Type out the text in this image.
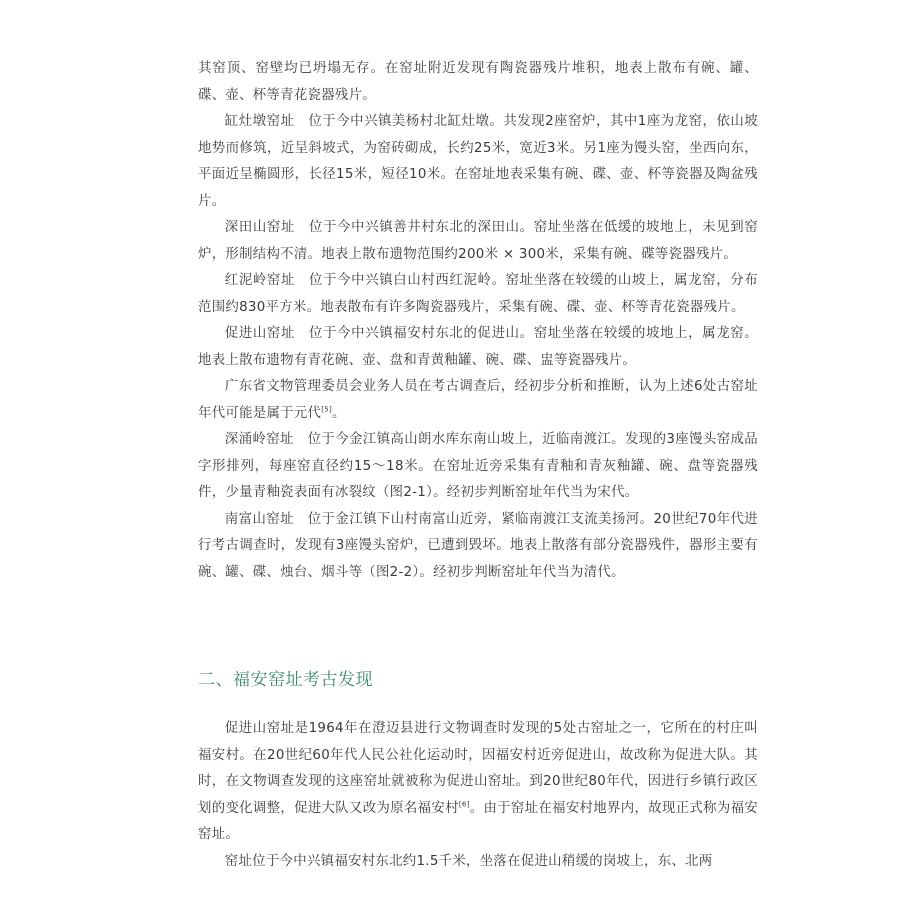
其窑顶、窑壁均已坍塌无存。在窑址附近发现有陶瓷器残片堆积，地表上散布有碗、罐、碟、壶、杯等青花瓷器残片。

缸灶墩窑址　位于今中兴镇美杨村北缸灶墩。共发现2座窑炉，其中1座为龙窑，依山坡地势而修筑，近呈斜坡式，为窑砖砌成，长约25米，宽近3米。另1座为馒头窑，坐西向东，平面近呈椭圆形，长径15米，短径10米。在窑址地表采集有碗、碟、壶、杯等瓷器及陶盆残片。

深田山窑址　位于今中兴镇善井村东北的深田山。窑址坐落在低缓的坡地上，未见到窑炉，形制结构不清。地表上散布遗物范围约200米 × 300米，采集有碗、碟等瓷器残片。

红泥岭窑址　位于今中兴镇白山村西红泥岭。窑址坐落在较缓的山坡上，属龙窑，分布范围约830平方米。地表散布有许多陶瓷器残片，采集有碗、碟、壶、杯等青花瓷器残片。

促进山窑址　位于今中兴镇福安村东北的促进山。窑址坐落在较缓的坡地上，属龙窑。地表上散布遗物有青花碗、壶、盘和青黄釉罐、碗、碟、盅等瓷器残片。

广东省文物管理委员会业务人员在考古调查后，经初步分析和推断，认为上述6处古窑址年代可能是属于元代[5]。

深涌岭窑址　位于今金江镇高山朗水库东南山坡上，近临南渡江。发现的3座馒头窑成品字形排列，每座窑直径约15～18米。在窑址近旁采集有青釉和青灰釉罐、碗、盘等瓷器残件，少量青釉瓷表面有冰裂纹（图2-1）。经初步判断窑址年代当为宋代。

南富山窑址　位于金江镇下山村南富山近旁，紧临南渡江支流美扬河。20世纪70年代进行考古调查时，发现有3座馒头窑炉，已遭到毁坏。地表上散落有部分瓷器残件，器形主要有碗、罐、碟、烛台、烟斗等（图2-2）。经初步判断窑址年代当为清代。

二、福安窑址考古发现

促进山窑址是1964年在澄迈县进行文物调查时发现的5处古窑址之一，它所在的村庄叫福安村。在20世纪60年代人民公社化运动时，因福安村近旁促进山，故改称为促进大队。其时，在文物调查发现的这座窑址就被称为促进山窑址。到20世纪80年代，因进行乡镇行政区划的变化调整，促进大队又改为原名福安村[6]。由于窑址在福安村地界内，故现正式称为福安窑址。

窑址位于今中兴镇福安村东北约1.5千米，坐落在促进山稍缓的岗坡上，东、北两
